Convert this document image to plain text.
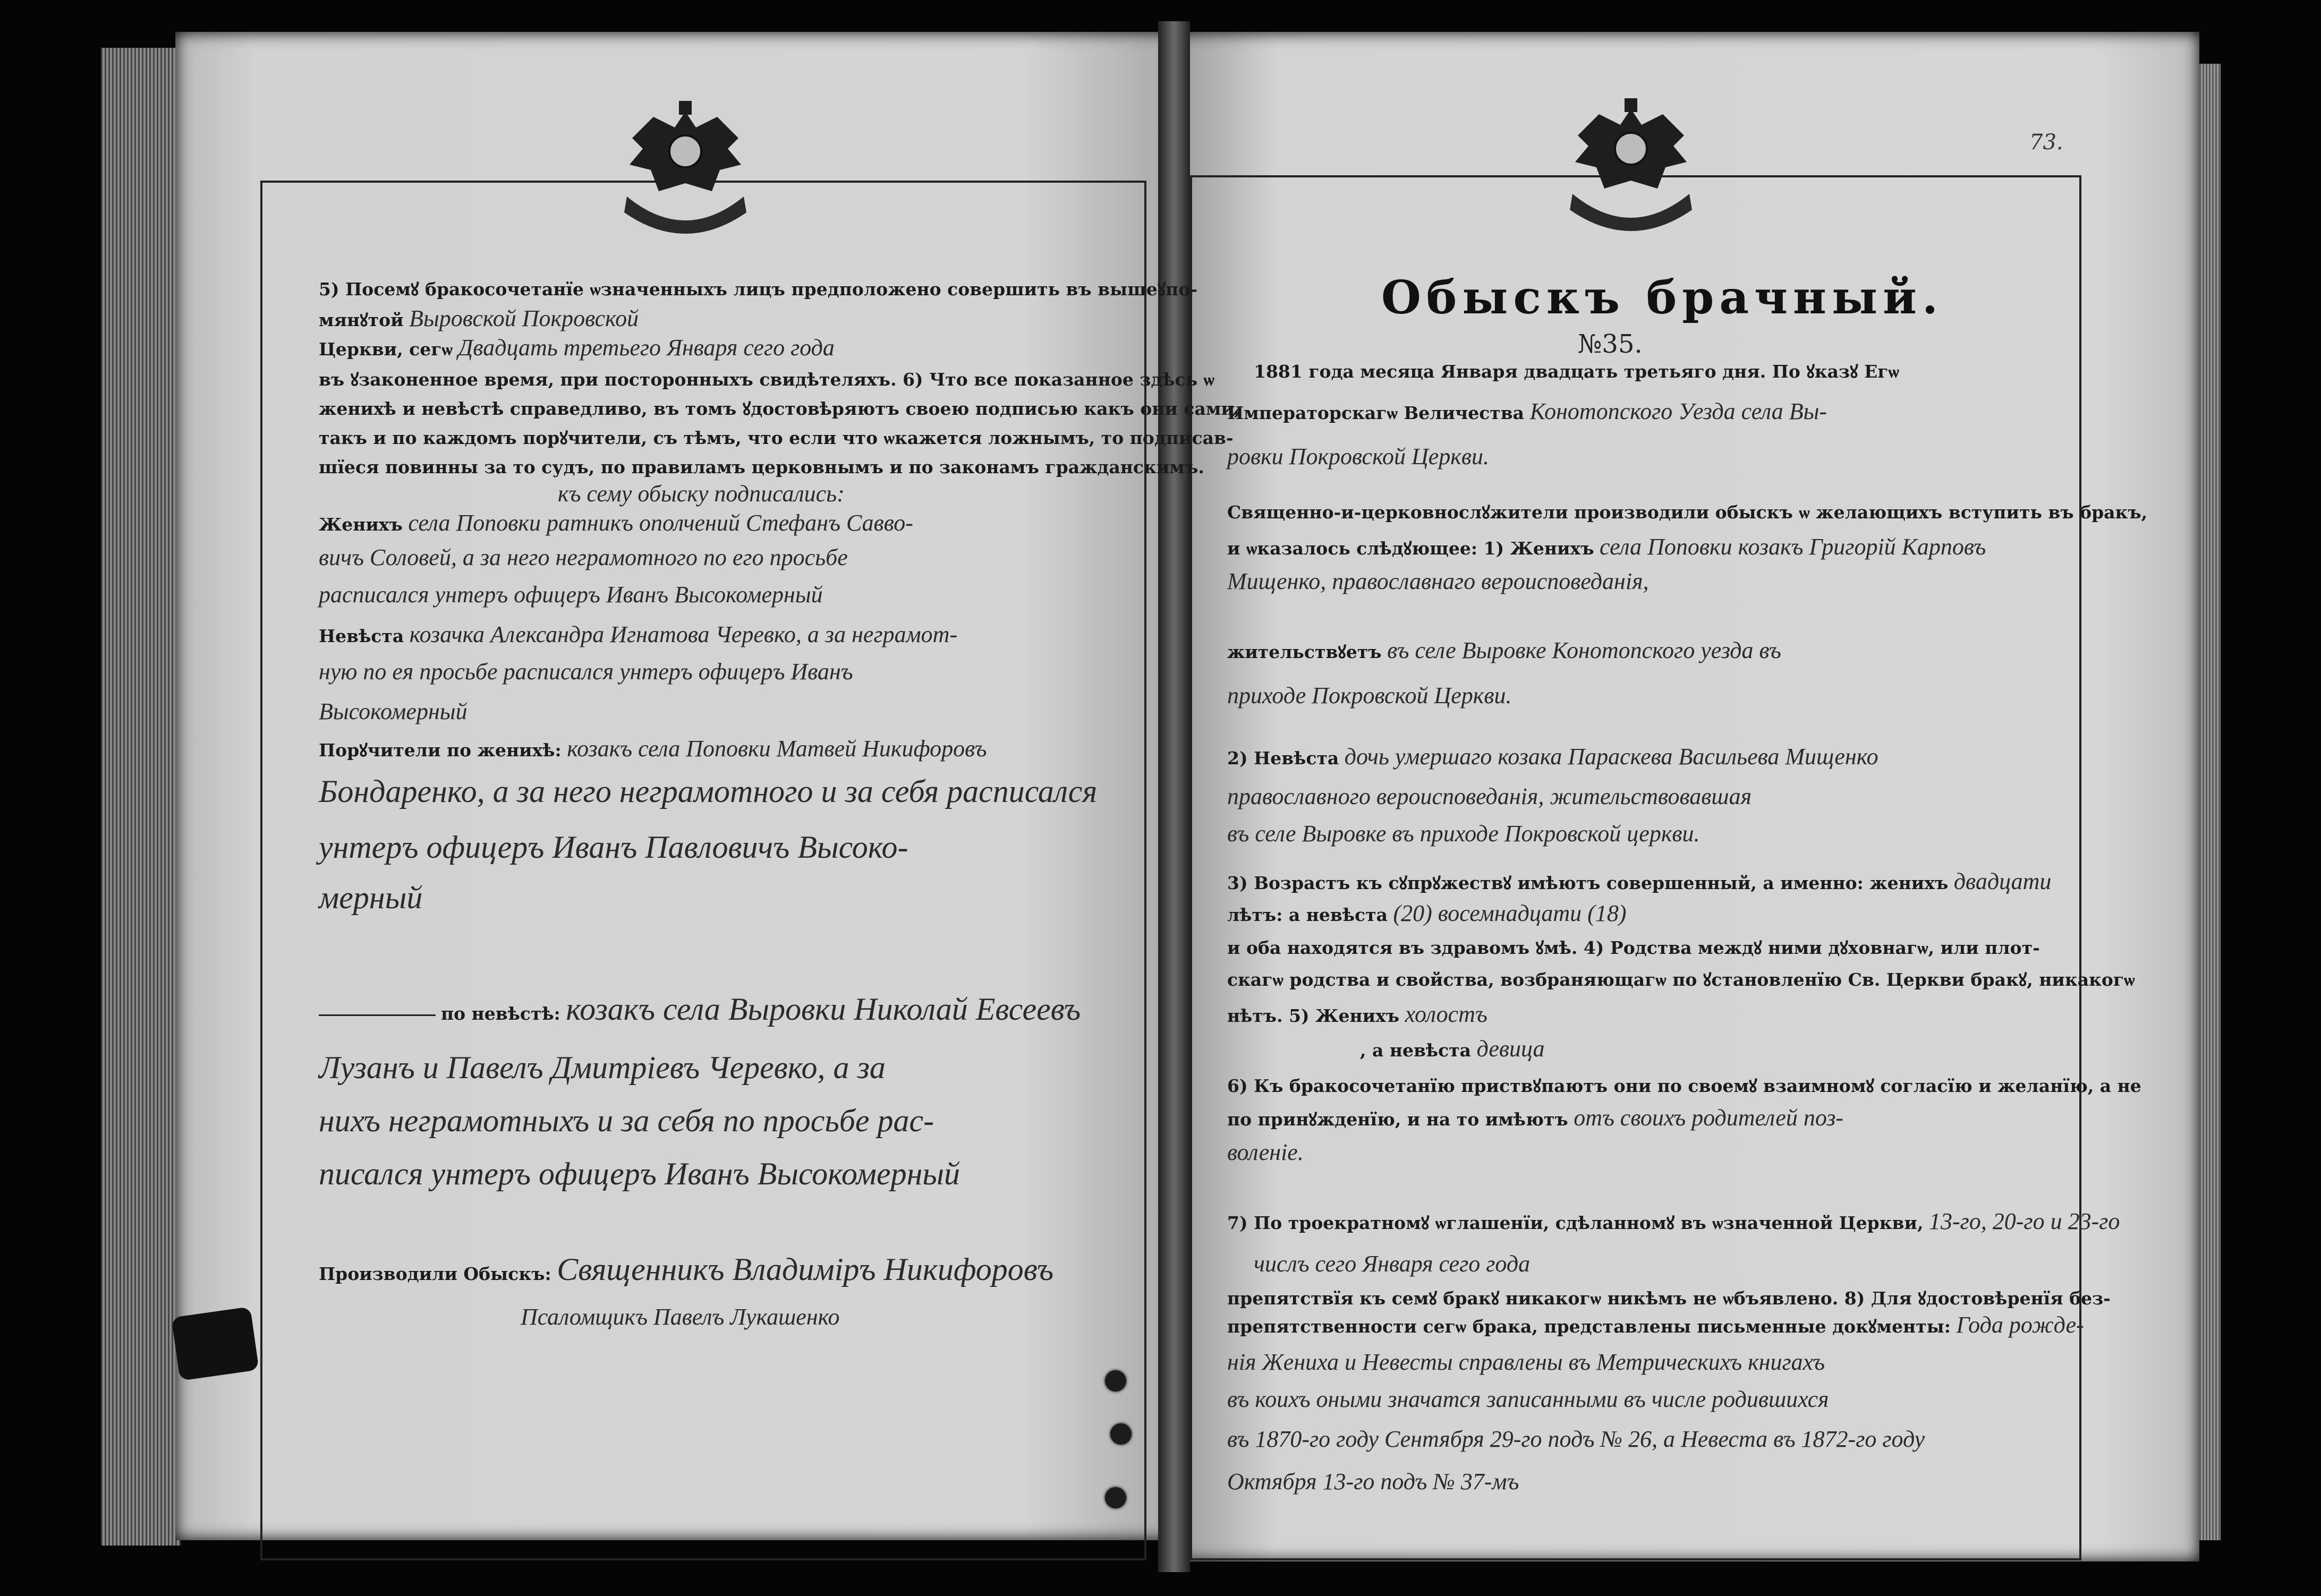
73.
Обыскъ брачный.
№35.
5) Посемꙋ бракосочетанїе ѡзначенныхъ лицъ предположено совершить въ вышеꙋпо-
мянꙋтой Выровской Покровской
Церкви, сегѡ Двадцать третьего Января сего года
въ ꙋзаконенное время, при посторонныхъ свидѣтеляхъ. 6) Что все показанное здѣсь ѡ
женихѣ и невѣстѣ справедливо, въ томъ ꙋдостовѣряютъ своею подписью какъ они сами,
такъ и по каждомъ порꙋчители, съ тѣмъ, что если что ѡкажется ложнымъ, то подписав-
шїеся повинны за то судъ, по правиламъ церковнымъ и по законамъ гражданскимъ.
къ сему обыску подписались:
Женихъ села Поповки ратникъ ополчений Стефанъ Савво-
вичъ Соловей, а за него неграмотного по его просьбе
расписался унтеръ офицеръ Иванъ Высокомерный
Невѣста козачка Александра Игнатова Черевко, а за неграмот-
ную по ея просьбе расписался унтеръ офицеръ Иванъ
Высокомерный
Порꙋчители по женихѣ: козакъ села Поповки Матвей Никифоровъ
Бондаренко, а за него неграмотного и за себя расписался
унтеръ офицеръ Иванъ Павловичъ Высоко-
мерный
по невѣстѣ: козакъ села Выровки Николай Евсеевъ
Лузанъ и Павелъ Дмитріевъ Черевко, а за
нихъ неграмотныхъ и за себя по просьбе рас-
писался унтеръ офицеръ Иванъ Высокомерный
Производили Обыскъ: Священникъ Владиміръ Никифоровъ
Псаломщикъ Павелъ Лукашенко
1881 года месяца Января двадцать третьяго дня. По ꙋказꙋ Егѡ
Императорскагѡ Величества Конотопского Уезда села Вы-
ровки Покровской Церкви.
Священно-и-церковнослꙋжители производили обыскъ ѡ желающихъ вступить въ бракъ,
и ѡказалось слѣдꙋющее: 1) Женихъ села Поповки козакъ Григорій Карповъ
Мищенко, православнаго вероисповеданія,
жительствꙋетъ въ селе Выровке Конотопского уезда въ
приходе Покровской Церкви.
2) Невѣста дочь умершаго козака Параскева Васильева Мищенко
православного вероисповеданія, жительствовавшая
въ селе Выровке въ приходе Покровской церкви.
3) Возрастъ къ сꙋпрꙋжествꙋ имѣютъ совершенный, а именно: женихъ двадцати
лѣтъ: а невѣста (20) восемнадцати (18)
и оба находятся въ здравомъ ꙋмѣ. 4) Родства междꙋ ними дꙋховнагѡ, или плот-
скагѡ родства и свойства, возбраняющагѡ по ꙋстановленїю Св. Церкви бракꙋ, никакогѡ
нѣтъ. 5) Женихъ холостъ
, а невѣста девица
6) Къ бракосочетанїю приствꙋпаютъ они по своемꙋ взаимномꙋ согласїю и желанїю, а не
по принꙋжденїю, и на то имѣютъ отъ своихъ родителей поз-
воленіе.
7) По троекратномꙋ ѡглашенїи, сдѣланномꙋ въ ѡзначенной Церкви, 13-го, 20-го и 23-го
числъ сего Января сего года
препятствїя къ семꙋ бракꙋ никакогѡ никѣмъ не ѡбъявлено. 8) Для ꙋдостовѣренїя без-
препятственности сегѡ брака, представлены письменные докꙋменты: Года рожде-
нія Жениха и Невесты справлены въ Метрическихъ книгахъ
въ коихъ оными значатся записанными въ числе родившихся
въ 1870-го году Сентября 29-го подъ № 26, а Невеста въ 1872-го году
Октября 13-го подъ № 37-мъ
